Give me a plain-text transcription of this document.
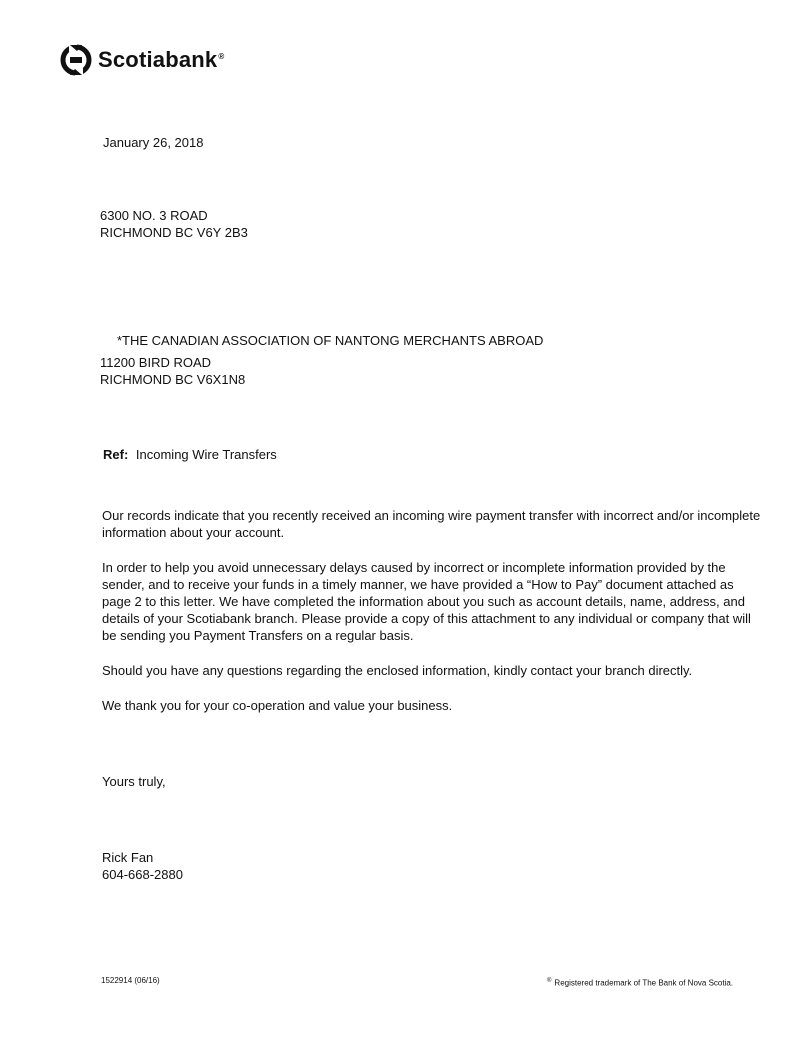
Scotiabank®
January 26, 2018
6300 NO. 3 ROAD
RICHMOND BC V6Y 2B3
*THE CANADIAN ASSOCIATION OF NANTONG MERCHANTS ABROAD
11200 BIRD ROAD
RICHMOND BC V6X1N8
Ref: Incoming Wire Transfers

Our records indicate that you recently received an incoming wire payment transfer with incorrect and/or incomplete information about your account.

In order to help you avoid unnecessary delays caused by incorrect or incomplete information provided by the sender, and to receive your funds in a timely manner, we have provided a “How to Pay” document attached as page 2 to this letter. We have completed the information about you such as account details, name, address, and details of your Scotiabank branch. Please provide a copy of this attachment to any individual or company that will be sending you Payment Transfers on a regular basis.

Should you have any questions regarding the enclosed information, kindly contact your branch directly.

We thank you for your co-operation and value your business.

Yours truly,
Rick Fan
604-668-2880
1522914 (06/16)	® Registered trademark of The Bank of Nova Scotia.
